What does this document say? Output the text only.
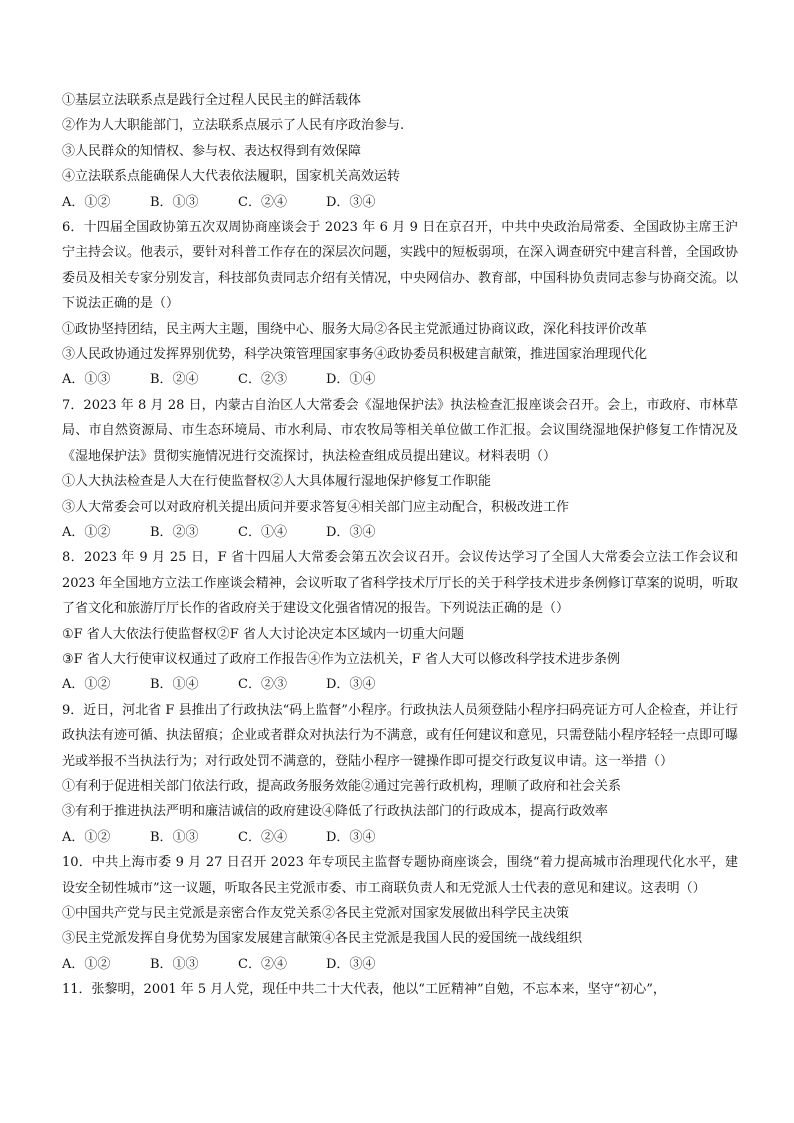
①基层立法联系点是践行全过程人民民主的鲜活载体

②作为人大职能部门，立法联系点展示了人民有序政治参与.

③人民群众的知情权、参与权、表达权得到有效保障

④立法联系点能确保人大代表依法履职，国家机关高效运转

A．①②	B．①③	C．②④	D．③④

6．十四届全国政协第五次双周协商座谈会于 2023 年 6 月 9 日在京召开，中共中央政治局常委、全国政协主席王沪宁主持会议。他表示，要针对科普工作存在的深层次问题，实践中的短板弱项，在深入调查研究中建言科普，全国政协委员及相关专家分别发言，科技部负责同志介绍有关情况，中央网信办、教育部，中国科协负责同志参与协商交流。以下说法正确的是（）

①政协坚持团结，民主两大主题，围绕中心、服务大局②各民主党派通过协商议政，深化科技评价改革

③人民政协通过发挥界别优势，科学决策管理国家事务④政协委员积极建言献策，推进国家治理现代化

A．①③	B．②④	C．②③	D．①④

7．2023 年 8 月 28 日，内蒙古自治区人大常委会《湿地保护法》执法检查汇报座谈会召开。会上，市政府、市林草局、市自然资源局、市生态环境局、市水利局、市农牧局等相关单位做工作汇报。会议围绕湿地保护修复工作情况及《湿地保护法》贯彻实施情况进行交流探讨，执法检查组成员提出建议。材料表明（）

①人大执法检查是人大在行使监督权②人大具体履行湿地保护修复工作职能

③人大常委会可以对政府机关提出质问并要求答复④相关部门应主动配合，积极改进工作

A．①②	B．②③	C．①④	D．③④

8．2023 年 9 月 25 日，F 省十四届人大常委会第五次会议召开。会议传达学习了全国人大常委会立法工作会议和 2023 年全国地方立法工作座谈会精神，会议听取了省科学技术厅厅长的关于科学技术进步条例修订草案的说明，听取了省文化和旅游厅厅长作的省政府关于建设文化强省情况的报告。下列说法正确的是（）

①F 省人大依法行使监督权②F 省人大讨论决定本区域内一切重大问题

③F 省人大行使审议权通过了政府工作报告④作为立法机关，F 省人大可以修改科学技术进步条例

A．①②	B．①④	C．②③	D．③④

9．近日，河北省 F 县推出了行政执法“码上监督”小程序。行政执法人员须登陆小程序扫码亮证方可人企检查，并让行政执法有迹可循、执法留痕；企业或者群众对执法行为不满意，或有任何建议和意见，只需登陆小程序轻轻一点即可曝光或举报不当执法行为；对行政处罚不满意的，登陆小程序一键操作即可提交行政复议申请。这一举措（）

①有利于促进相关部门依法行政，提高政务服务效能②通过完善行政机构，理顺了政府和社会关系

③有利于推进执法严明和廉洁诚信的政府建设④降低了行政执法部门的行政成本，提高行政效率

A．①②	B．①③	C．②④	D．③④

10．中共上海市委 9 月 27 日召开 2023 年专项民主监督专题协商座谈会，围绕“着力提高城市治理现代化水平，建设安全韧性城市”这一议题，听取各民主党派市委、市工商联负责人和无党派人士代表的意见和建议。这表明（）

①中国共产党与民主党派是亲密合作友党关系②各民主党派对国家发展做出科学民主决策

③民主党派发挥自身优势为国家发展建言献策④各民主党派是我国人民的爱国统一战线组织

A．①②	B．①③	C．②④	D．③④

11．张黎明，2001 年 5 月人党，现任中共二十大代表，他以“工匠精神”自勉，不忘本来，坚守“初心”，
